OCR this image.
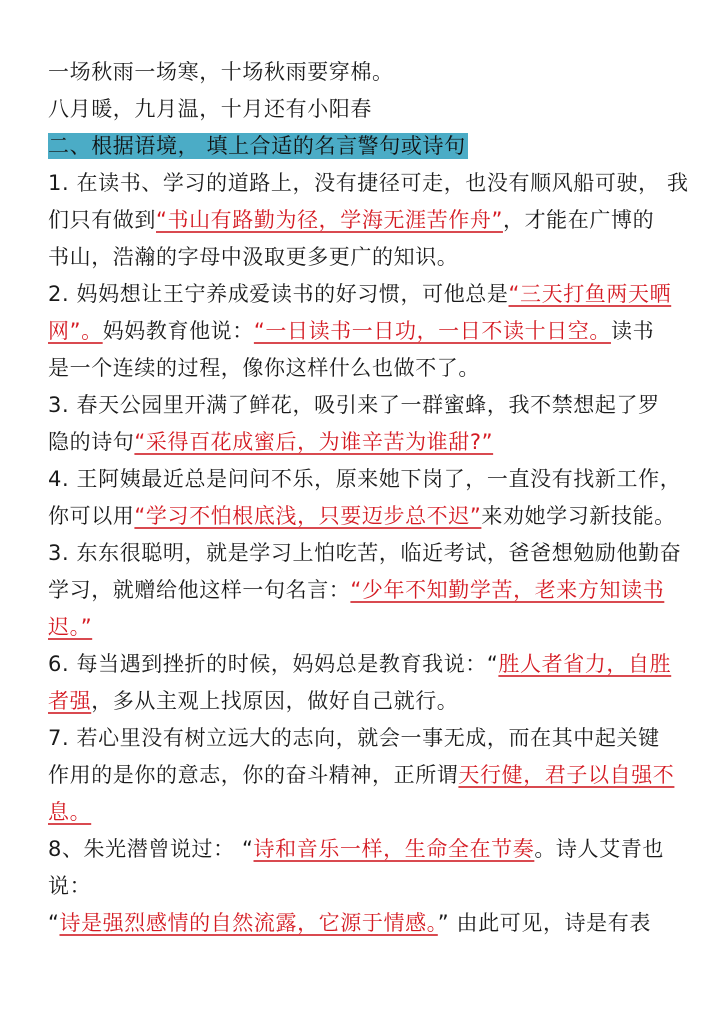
一场秋雨一场寒，十场秋雨要穿棉。
八月暖，九月温，十月还有小阳春
二、根据语境， 填上合适的名言警句或诗句
1. 在读书、学习的道路上，没有捷径可走，也没有顺风船可驶， 我
们只有做到“书山有路勤为径，学海无涯苦作舟”，才能在广博的
书山，浩瀚的字母中汲取更多更广的知识。
2. 妈妈想让王宁养成爱读书的好习惯，可他总是“三天打鱼两天晒
网”。妈妈教育他说：“一日读书一日功，一日不读十日空。读书
是一个连续的过程，像你这样什么也做不了。
3. 春天公园里开满了鲜花，吸引来了一群蜜蜂，我不禁想起了罗
隐的诗句“采得百花成蜜后，为谁辛苦为谁甜?”
4. 王阿姨最近总是问问不乐，原来她下岗了，一直没有找新工作，
你可以用“学习不怕根底浅，只要迈步总不迟”来劝她学习新技能。
3. 东东很聪明，就是学习上怕吃苦，临近考试，爸爸想勉励他勤奋
学习，就赠给他这样一句名言：“少年不知勤学苦，老来方知读书
迟。”
6. 每当遇到挫折的时候，妈妈总是教育我说：“胜人者省力，自胜
者强，多从主观上找原因，做好自己就行。
7. 若心里没有树立远大的志向，就会一事无成，而在其中起关键
作用的是你的意志，你的奋斗精神，正所谓天行健，君子以自强不
息。
8、朱光潜曾说过： “诗和音乐一样，生命全在节奏。诗人艾青也
说：
“诗是强烈感情的自然流露，它源于情感。” 由此可见，诗是有表
